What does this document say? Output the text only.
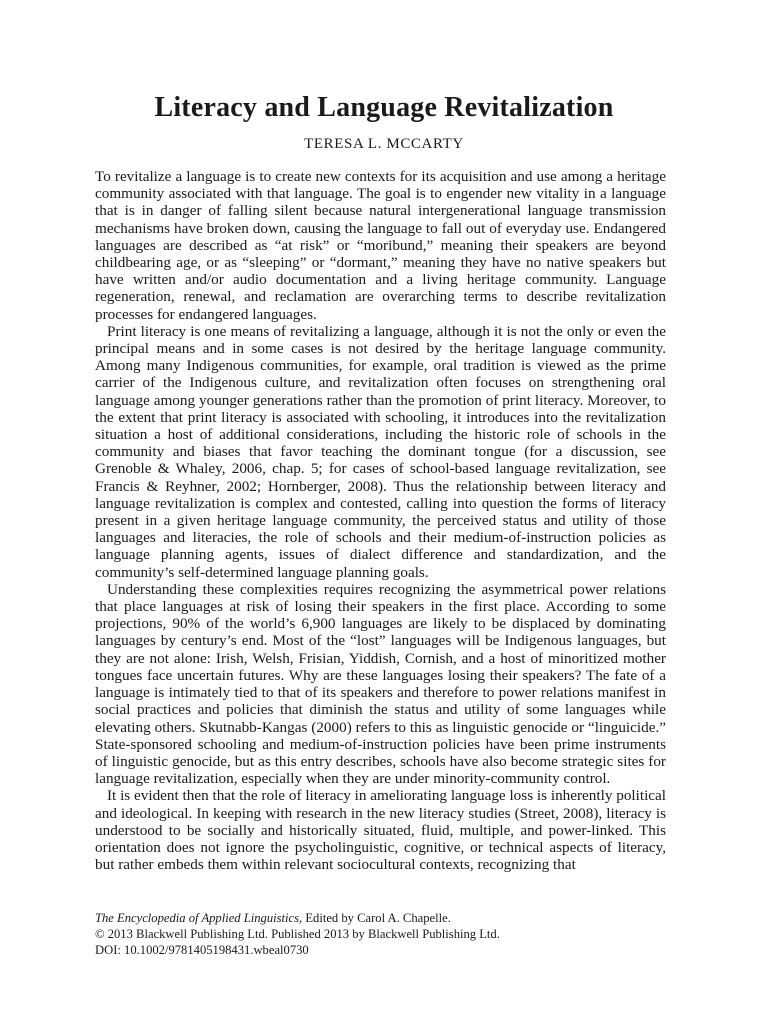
Literacy and Language Revitalization
TERESA L. MCCARTY

To revitalize a language is to create new contexts for its acquisition and use among a heritage community associated with that language. The goal is to engender new vitality in a language that is in danger of falling silent because natural intergenerational language transmission mechanisms have broken down, causing the language to fall out of everyday use. Endangered languages are described as “at risk” or “moribund,” meaning their speakers are beyond childbearing age, or as “sleeping” or “dormant,” meaning they have no native speakers but have written and/or audio documentation and a living heritage community. Language regeneration, renewal, and reclamation are overarching terms to describe revitalization processes for endangered languages.

Print literacy is one means of revitalizing a language, although it is not the only or even the principal means and in some cases is not desired by the heritage language community. Among many Indigenous communities, for example, oral tradition is viewed as the prime carrier of the Indigenous culture, and revitalization often focuses on strengthening oral language among younger generations rather than the promotion of print literacy. Moreover, to the extent that print literacy is associated with schooling, it introduces into the revitalization situation a host of additional considerations, including the historic role of schools in the community and biases that favor teaching the dominant tongue (for a discussion, see Grenoble & Whaley, 2006, chap. 5; for cases of school-based language revitalization, see Francis & Reyhner, 2002; Hornberger, 2008). Thus the relationship between literacy and language revitalization is complex and contested, calling into question the forms of literacy present in a given heritage language community, the perceived status and utility of those languages and literacies, the role of schools and their medium-of-instruction policies as language planning agents, issues of dialect difference and standardization, and the community’s self-determined language planning goals.

Understanding these complexities requires recognizing the asymmetrical power relations that place languages at risk of losing their speakers in the first place. According to some projections, 90% of the world’s 6,900 languages are likely to be displaced by dominating languages by century’s end. Most of the “lost” languages will be Indigenous languages, but they are not alone: Irish, Welsh, Frisian, Yiddish, Cornish, and a host of minoritized mother tongues face uncertain futures. Why are these languages losing their speakers? The fate of a language is intimately tied to that of its speakers and therefore to power relations manifest in social practices and policies that diminish the status and utility of some languages while elevating others. Skutnabb-Kangas (2000) refers to this as linguistic genocide or “linguicide.” State-sponsored schooling and medium-of-instruction policies have been prime instruments of linguistic genocide, but as this entry describes, schools have also become strategic sites for language revitalization, especially when they are under minority-community control.

It is evident then that the role of literacy in ameliorating language loss is inherently political and ideological. In keeping with research in the new literacy studies (Street, 2008), literacy is understood to be socially and historically situated, fluid, multiple, and power-linked. This orientation does not ignore the psycholinguistic, cognitive, or technical aspects of literacy, but rather embeds them within relevant sociocultural contexts, recognizing that

The Encyclopedia of Applied Linguistics, Edited by Carol A. Chapelle.
© 2013 Blackwell Publishing Ltd. Published 2013 by Blackwell Publishing Ltd.
DOI: 10.1002/9781405198431.wbeal0730
